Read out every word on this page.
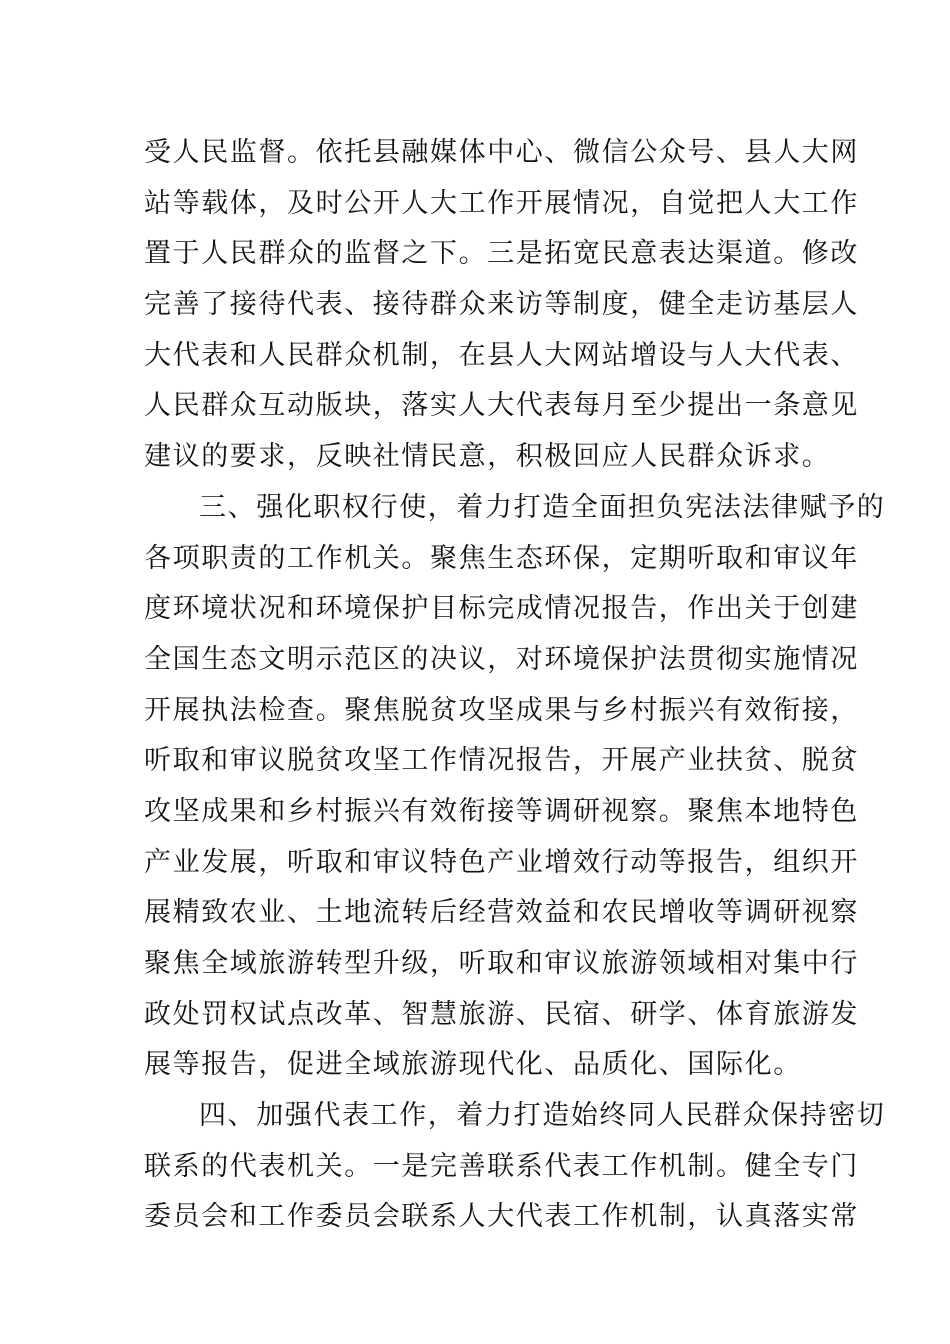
受人民监督。依托县融媒体中心、微信公众号、县人大网
站等载体，及时公开人大工作开展情况，自觉把人大工作
置于人民群众的监督之下。三是拓宽民意表达渠道。修改
完善了接待代表、接待群众来访等制度，健全走访基层人
大代表和人民群众机制，在县人大网站增设与人大代表、
人民群众互动版块，落实人大代表每月至少提出一条意见
建议的要求，反映社情民意，积极回应人民群众诉求。
三、强化职权行使，着力打造全面担负宪法法律赋予的
各项职责的工作机关。聚焦生态环保，定期听取和审议年
度环境状况和环境保护目标完成情况报告，作出关于创建
全国生态文明示范区的决议，对环境保护法贯彻实施情况
开展执法检查。聚焦脱贫攻坚成果与乡村振兴有效衔接，
听取和审议脱贫攻坚工作情况报告，开展产业扶贫、脱贫
攻坚成果和乡村振兴有效衔接等调研视察。聚焦本地特色
产业发展，听取和审议特色产业增效行动等报告，组织开
展精致农业、土地流转后经营效益和农民增收等调研视察
聚焦全域旅游转型升级，听取和审议旅游领域相对集中行
政处罚权试点改革、智慧旅游、民宿、研学、体育旅游发
展等报告，促进全域旅游现代化、品质化、国际化。
四、加强代表工作，着力打造始终同人民群众保持密切
联系的代表机关。一是完善联系代表工作机制。健全专门
委员会和工作委员会联系人大代表工作机制，认真落实常
